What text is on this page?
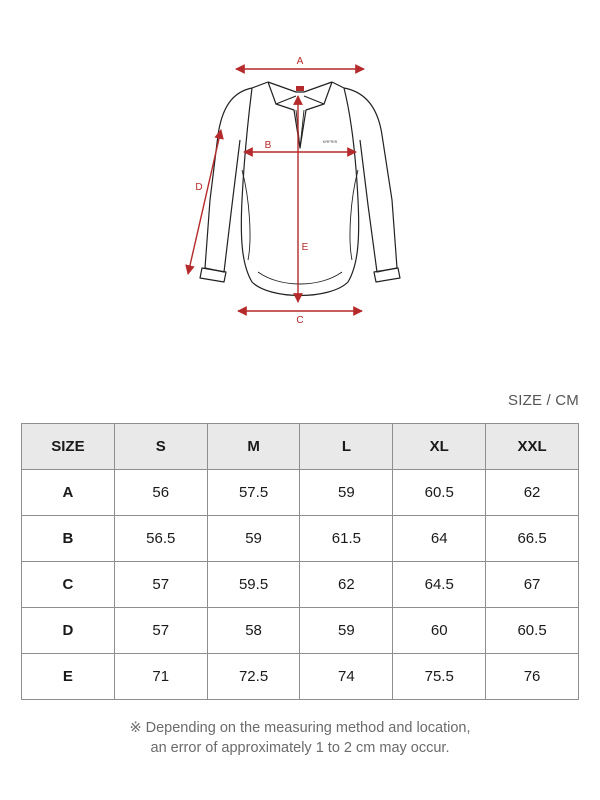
KRFRIS
A
B
C
D
E
SIZE / CM
SIZE	S	M	L	XL	XXL
A	56	57.5	59	60.5	62
B	56.5	59	61.5	64	66.5
C	57	59.5	62	64.5	67
D	57	58	59	60	60.5
E	71	72.5	74	75.5	76
※ Depending on the measuring method and location,
an error of approximately 1 to 2 cm may occur.
